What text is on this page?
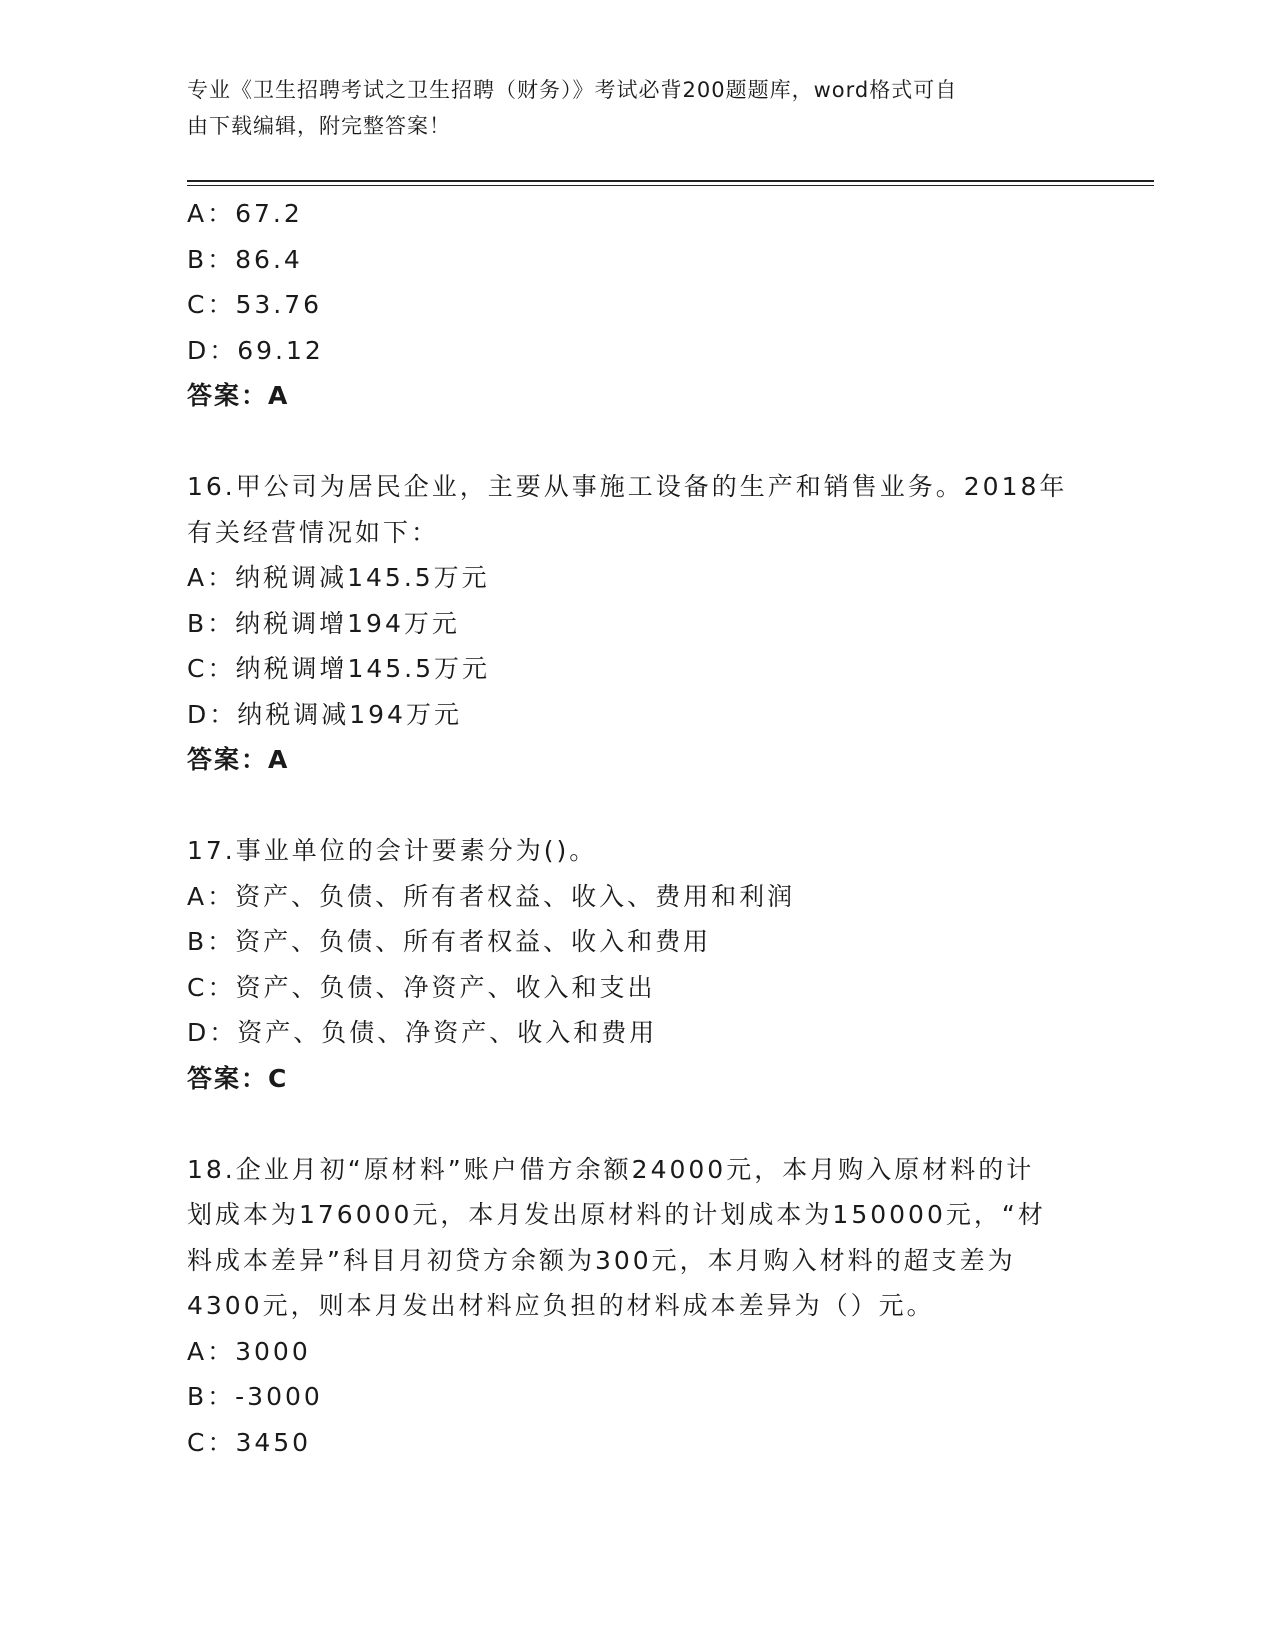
专业《卫生招聘考试之卫生招聘（财务）》考试必背200题题库，word格式可自
由下载编辑，附完整答案！
A：67.2
B：86.4
C：53.76
D：69.12
答案：A
16.甲公司为居民企业，主要从事施工设备的生产和销售业务。2018年
有关经营情况如下：
A：纳税调减145.5万元
B：纳税调增194万元
C：纳税调增145.5万元
D：纳税调减194万元
答案：A
17.事业单位的会计要素分为()。
A：资产、负债、所有者权益、收入、费用和利润
B：资产、负债、所有者权益、收入和费用
C：资产、负债、净资产、收入和支出
D：资产、负债、净资产、收入和费用
答案：C
18.企业月初“原材料”账户借方余额24000元，本月购入原材料的计
划成本为176000元，本月发出原材料的计划成本为150000元，“材
料成本差异”科目月初贷方余额为300元，本月购入材料的超支差为
4300元，则本月发出材料应负担的材料成本差异为（）元。
A：3000
B：-3000
C：3450
